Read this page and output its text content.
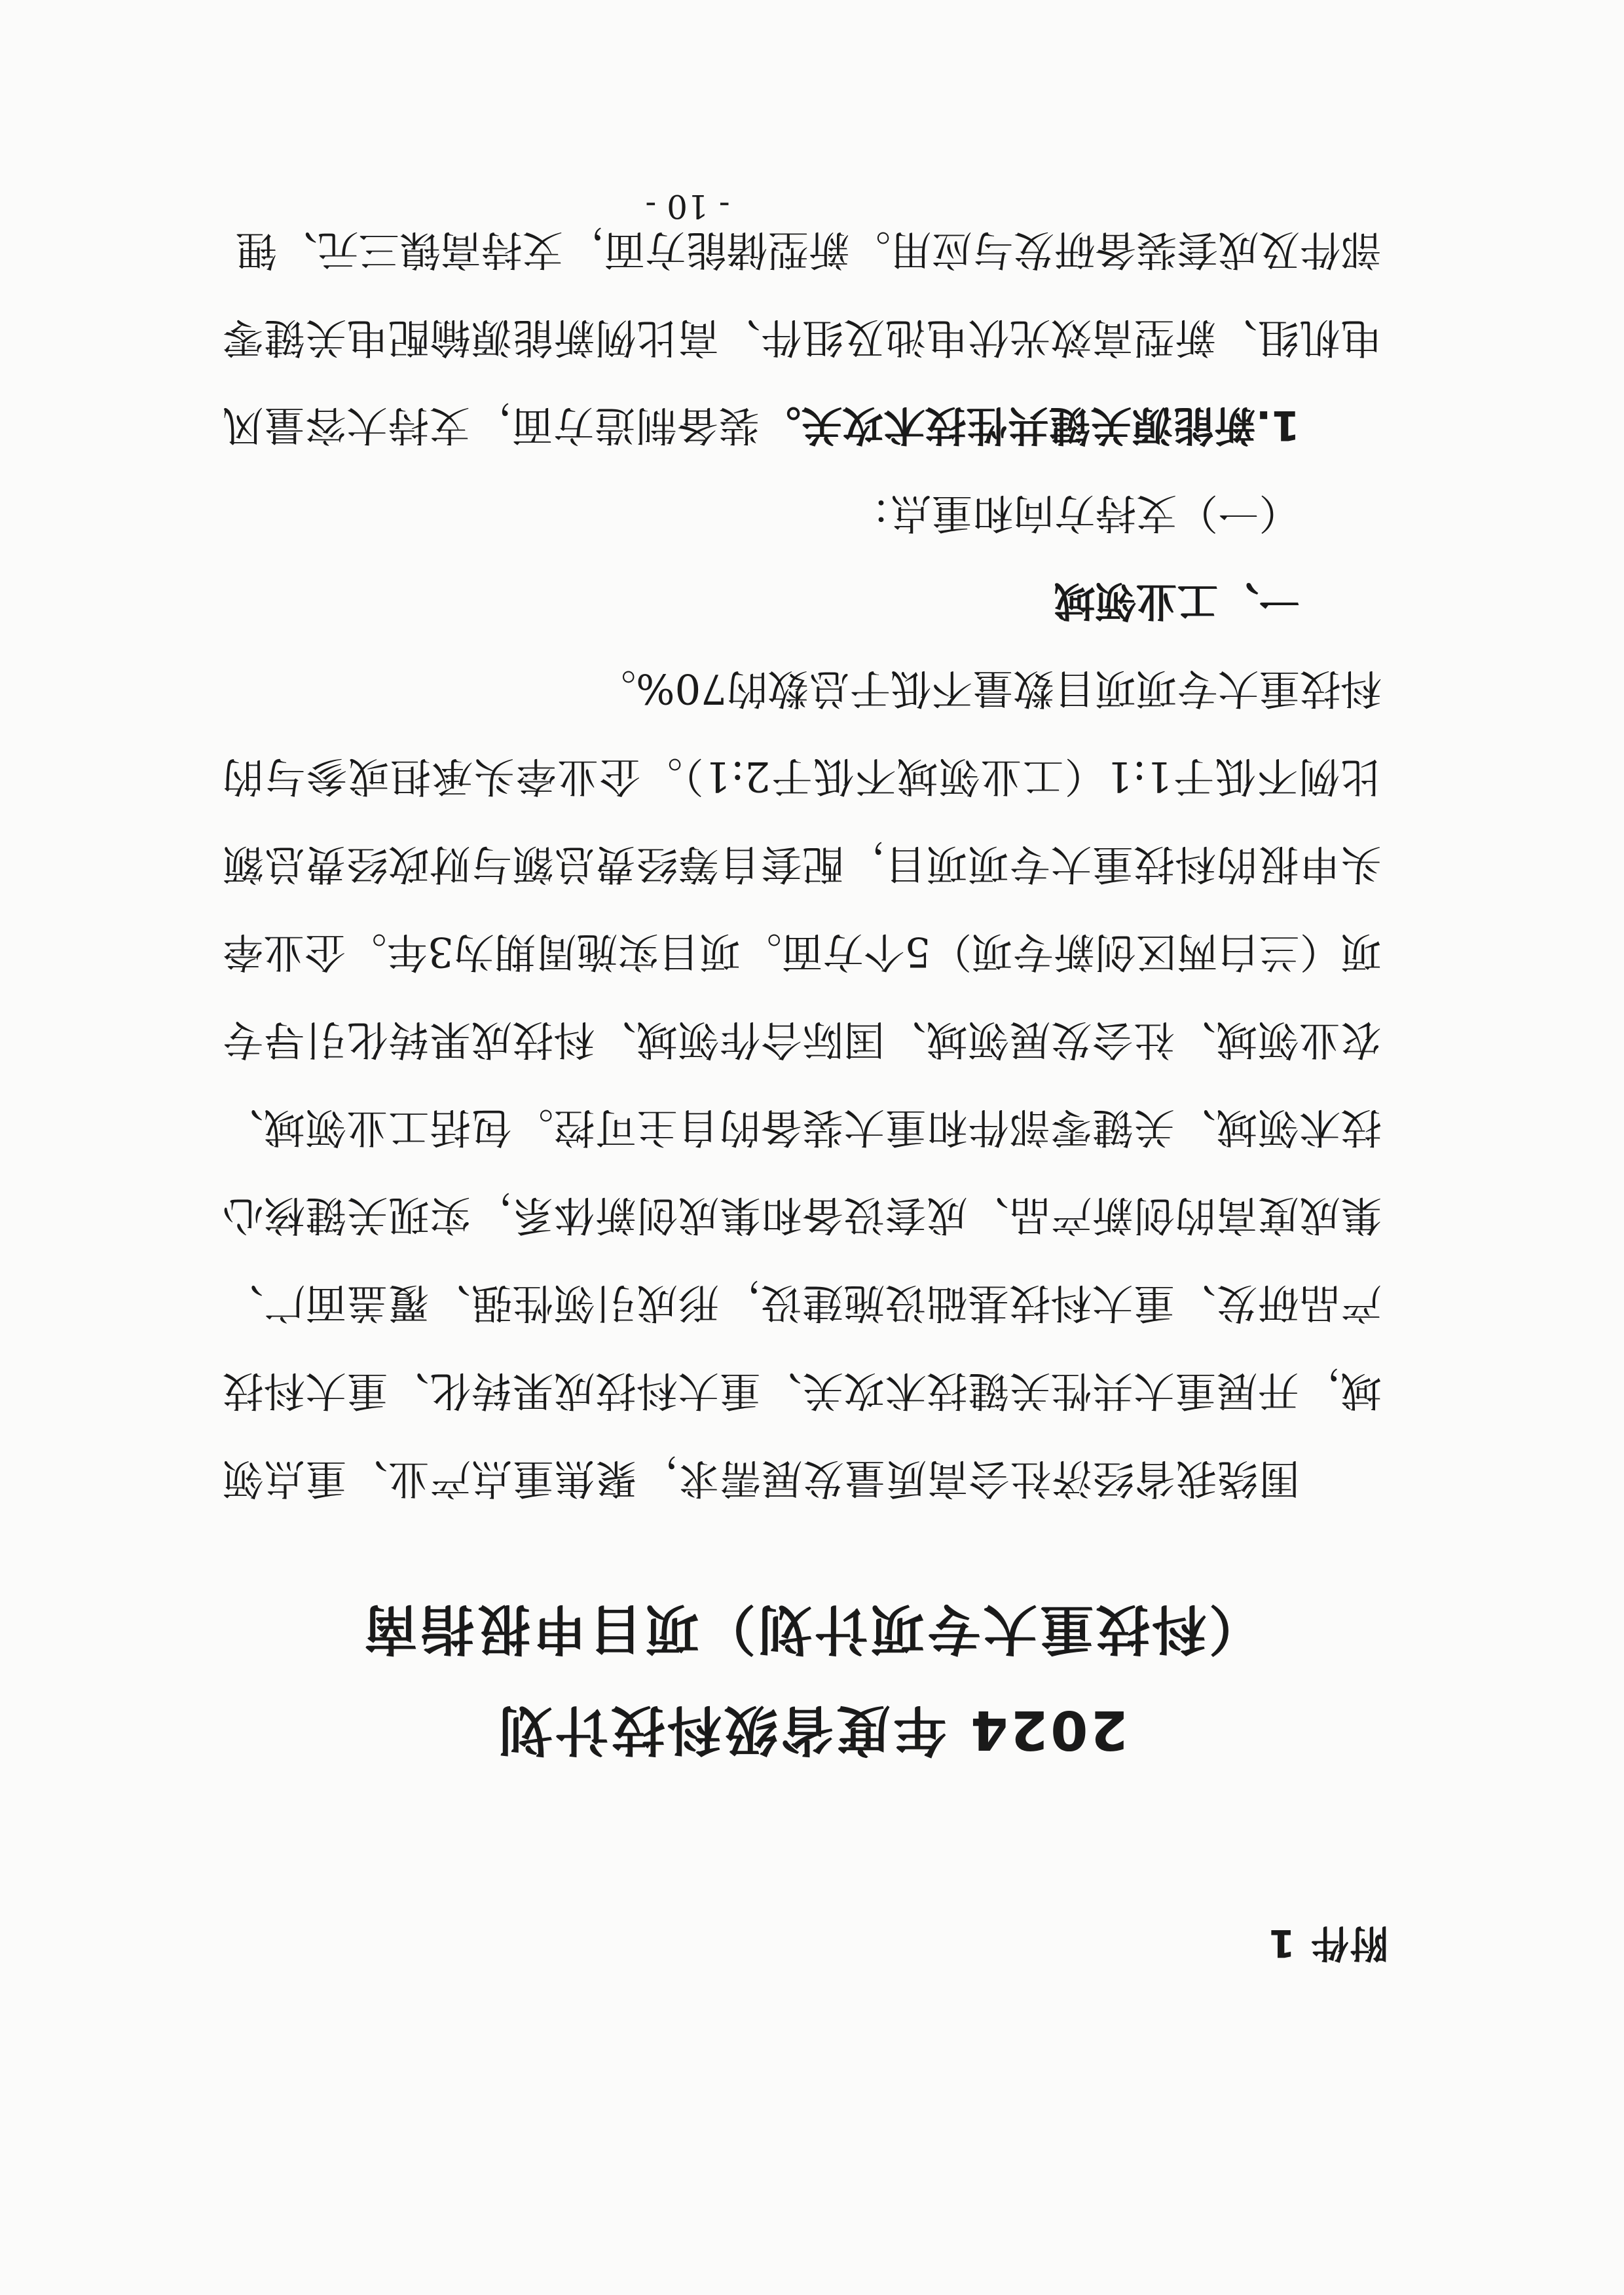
附件 1
2024 年度省级科技计划
（科技重大专项计划）项目申报指南

围绕我省经济社会高质量发展需求，聚焦重点产业、重点领域，开展重大共性关键技术攻关、重大科技成果转化、重大科技产品研发、重大科技基础设施建设，形成引领性强、覆盖面广、集成度高的创新产品、成套设备和集成创新体系，实现关键核心技术领域、关键零部件和重大装备的自主可控。包括工业领域、农业领域、社会发展领域、国际合作领域、科技成果转化引导专项（兰白两区创新专项）5个方面。项目实施周期为3年。企业牵头申报的科技重大专项项目，配套自筹经费总额与财政经费总额比例不低于1:1（工业领域不低于2:1）。企业牵头承担或参与的科技重大专项项目数量不低于总数的70%。

一、工业领域

（一）支持方向和重点：

1.新能源关键共性技术攻关。装备制造方面，支持大容量风电机组、新型高效光伏电池及组件、高比例新能源输配电关键零部件及成套装备研发与应用。新型储能方面，支持高镍三元、锂

- 10 -
